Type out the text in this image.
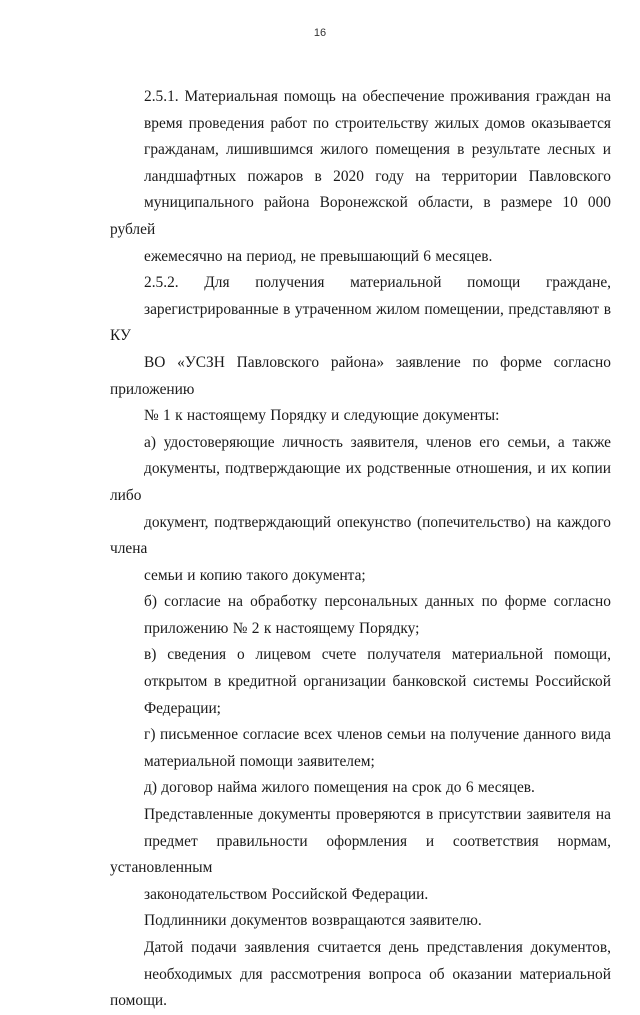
16

2.5.1. Материальная помощь на обеспечение проживания граждан на
время проведения работ по строительству жилых домов оказывается
гражданам, лишившимся жилого помещения в результате лесных и
ландшафтных пожаров в 2020 году на территории Павловского
муниципального района Воронежской области, в размере 10 000 рублей
ежемесячно на период, не превышающий 6 месяцев.

2.5.2. Для получения материальной помощи граждане,
зарегистрированные в утраченном жилом помещении, представляют в КУ
ВО «УСЗН Павловского района» заявление по форме согласно приложению
№ 1 к настоящему Порядку и следующие документы:

а) удостоверяющие личность заявителя, членов его семьи, а также
документы, подтверждающие их родственные отношения, и их копии либо
документ, подтверждающий опекунство (попечительство) на каждого члена
семьи и копию такого документа;

б) согласие на обработку персональных данных по форме согласно
приложению № 2 к настоящему Порядку;

в) сведения о лицевом счете получателя материальной помощи,
открытом в кредитной организации банковской системы Российской
Федерации;

г) письменное согласие всех членов семьи на получение данного вида
материальной помощи заявителем;

д) договор найма жилого помещения на срок до 6 месяцев.

Представленные документы проверяются в присутствии заявителя на
предмет правильности оформления и соответствия нормам, установленным
законодательством Российской Федерации.

Подлинники документов возвращаются заявителю.

Датой подачи заявления считается день представления документов,
необходимых для рассмотрения вопроса об оказании материальной помощи.
